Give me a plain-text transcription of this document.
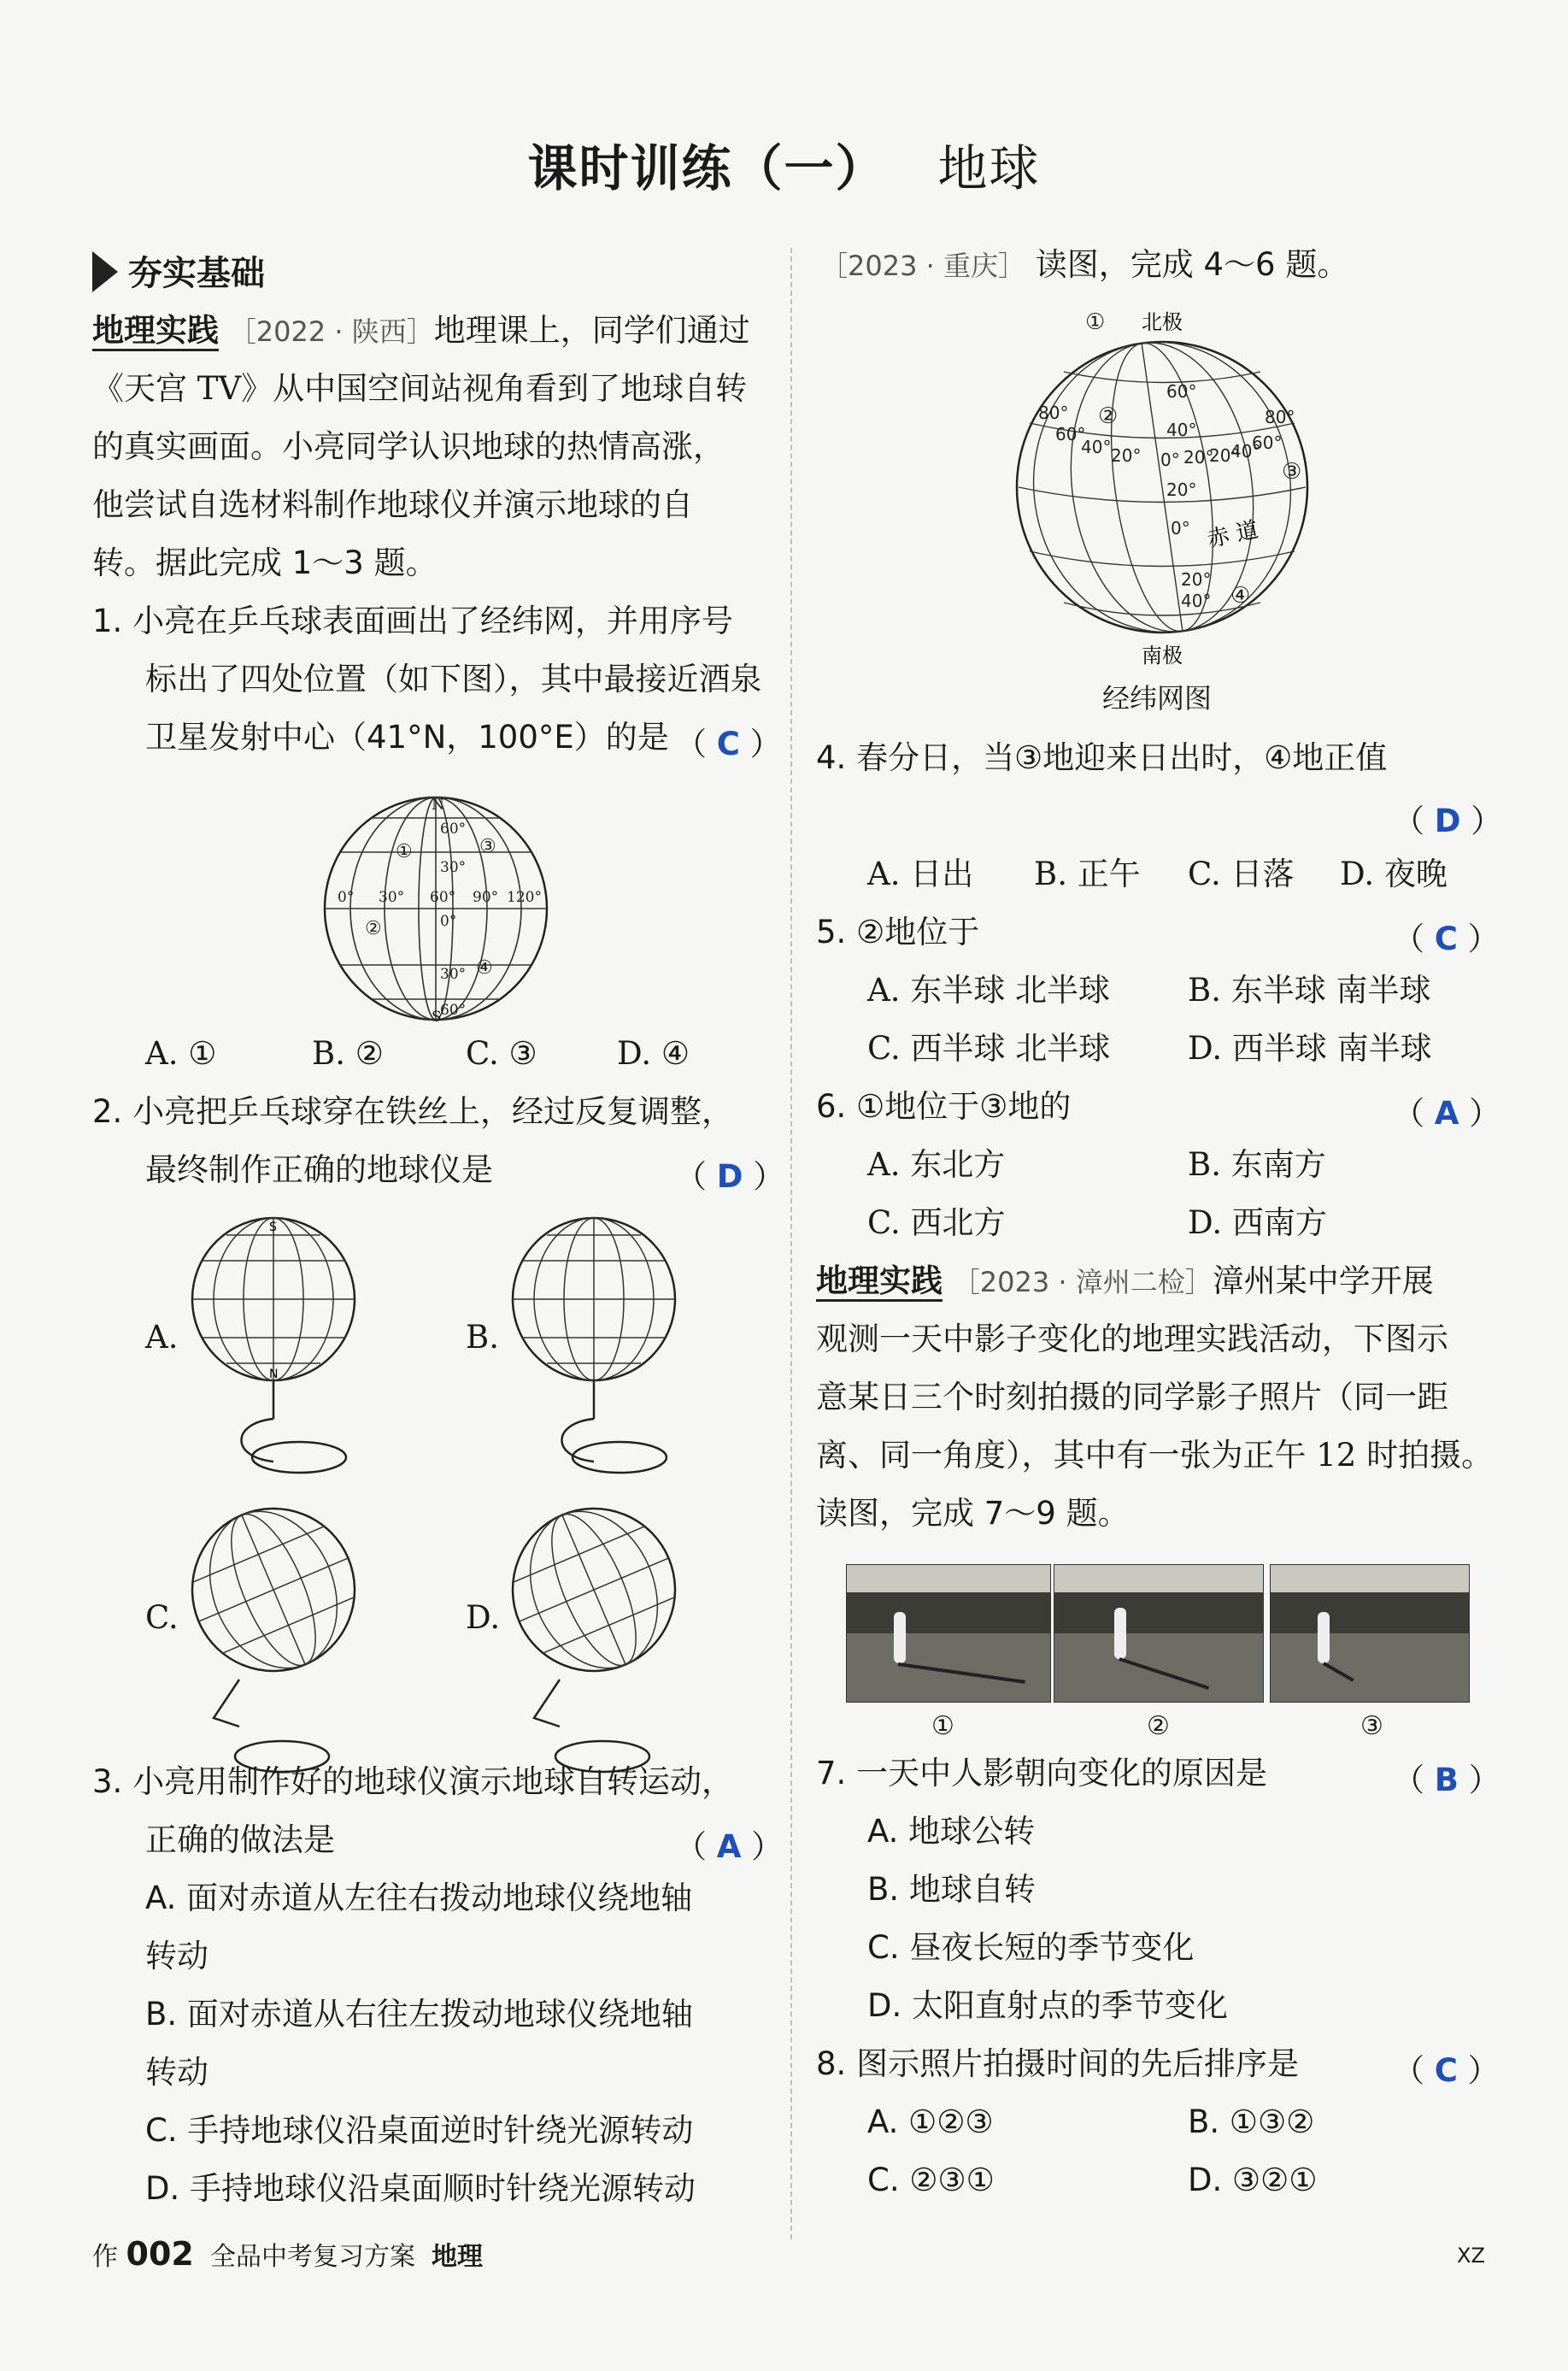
课时训练（一） 地球
夯实基础
地理实践 ［2022 · 陕西］地理课上，同学们通过
《天宫 TV》从中国空间站视角看到了地球自转
的真实画面。小亮同学认识地球的热情高涨，
他尝试自选材料制作地球仪并演示地球的自
转。据此完成 1～3 题。
1. 小亮在乒乓球表面画出了经纬网，并用序号
标出了四处位置（如下图），其中最接近酒泉
卫星发射中心（41°N，100°E）的是 （ C ）
N
S
60°
30°
0°
30°
60°
0° 30° 60° 90° 120°
①
②
③
④
A. ①	B. ②	C. ③	D. ④
2. 小亮把乒乓球穿在铁丝上，经过反复调整，
最终制作正确的地球仪是	（ D ）
A.	B.
C.	D.
S
N
3. 小亮用制作好的地球仪演示地球自转运动，
正确的做法是	（ A ）
A. 面对赤道从左往右拨动地球仪绕地轴
转动
B. 面对赤道从右往左拨动地球仪绕地轴
转动
C. 手持地球仪沿桌面逆时针绕光源转动
D. 手持地球仪沿桌面顺时针绕光源转动
［2023 · 重庆］ 读图，完成 4～6 题。
北极
南极
①
②
③
④
60°
40°
20°
80°
60°
40°	20°
0° 20° 40°
60°
80°
20°
0°
20°
40°
赤 道
经纬网图
4. 春分日，当③地迎来日出时，④地正值
（ D ）
A. 日出 B. 正午 C. 日落 D. 夜晚
5. ②地位于	（ C ）
A. 东半球 北半球 B. 东半球 南半球
C. 西半球 北半球 D. 西半球 南半球
6. ①地位于③地的	（ A ）
A. 东北方	B. 东南方
C. 西北方	D. 西南方
地理实践 ［2023 · 漳州二检］漳州某中学开展
观测一天中影子变化的地理实践活动，下图示
意某日三个时刻拍摄的同学影子照片（同一距
离、同一角度），其中有一张为正午 12 时拍摄。
读图，完成 7～9 题。
①	②	③
7. 一天中人影朝向变化的原因是	（ B ）
A. 地球公转
B. 地球自转
C. 昼夜长短的季节变化
D. 太阳直射点的季节变化
8. 图示照片拍摄时间的先后排序是	（ C ）
A. ①②③	B. ①③②
C. ②③①	D. ③②①
作 002 全品中考复习方案 地理	XZ
